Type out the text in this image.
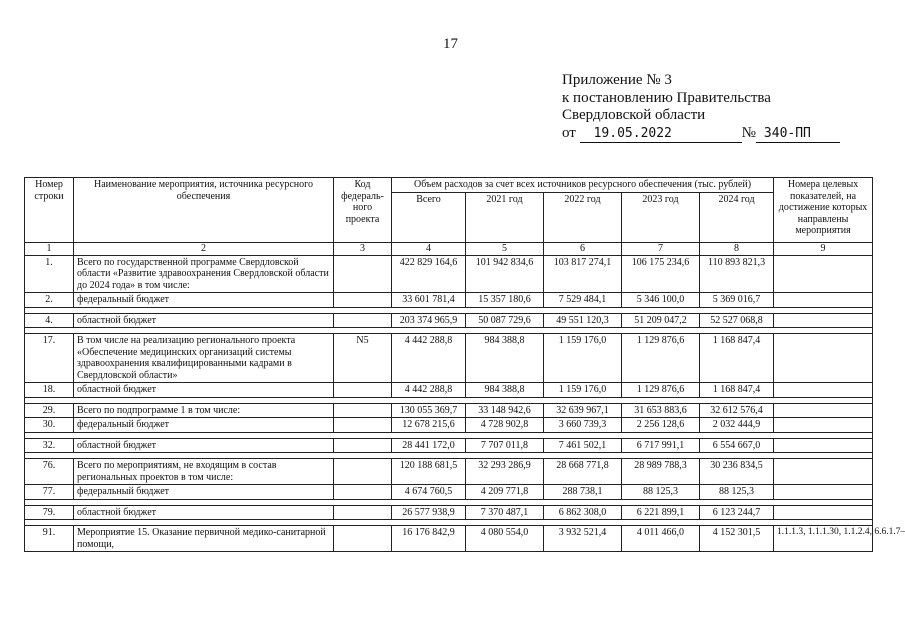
17
Приложение № 3
к постановлению Правительства
Свердловской области
от 19.05.2022	№ 340-ПП
Номер строки	Наименование мероприятия, источника ресурсного обеспечения	Код федераль-ного проекта	Объем расходов за счет всех источников ресурсного обеспечения (тыс. рублей)					Номера целевых показателей, на достижение которых направлены мероприятия
			Всего	2021 год	2022 год	2023 год	2024 год	
1	2	3	4	5	6	7	8	9
1.	Всего по государственной программе Свердловской области «Развитие здравоохранения Свердловской области до 2024 года» в том числе:		422 829 164,6	101 942 834,6	103 817 274,1	106 175 234,6	110 893 821,3	
2.	федеральный бюджет		33 601 781,4	15 357 180,6	7 529 484,1	5 346 100,0	5 369 016,7	

4.	областной бюджет		203 374 965,9	50 087 729,6	49 551 120,3	51 209 047,2	52 527 068,8	

17.	В том числе на реализацию регионального проекта «Обеспечение медицинских организаций системы здравоохранения квалифицированными кадрами в Свердловской области»	N5	4 442 288,8	984 388,8	1 159 176,0	1 129 876,6	1 168 847,4	
18.	областной бюджет		4 442 288,8	984 388,8	1 159 176,0	1 129 876,6	1 168 847,4	

29.	Всего по подпрограмме 1 в том числе:		130 055 369,7	33 148 942,6	32 639 967,1	31 653 883,6	32 612 576,4	
30.	федеральный бюджет		12 678 215,6	4 728 902,8	3 660 739,3	2 256 128,6	2 032 444,9	

32.	областной бюджет		28 441 172,0	7 707 011,8	7 461 502,1	6 717 991,1	6 554 667,0	

76.	Всего по мероприятиям, не входящим в состав региональных проектов в том числе:		120 188 681,5	32 293 286,9	28 668 771,8	28 989 788,3	30 236 834,5	
77.	федеральный бюджет		4 674 760,5	4 209 771,8	288 738,1	88 125,3	88 125,3	

79.	областной бюджет		26 577 938,9	7 370 487,1	6 862 308,0	6 221 899,1	6 123 244,7	

91.	Мероприятие 15. Оказание первичной медико-санитарной помощи,		16 176 842,9	4 080 554,0	3 932 521,4	4 011 466,0	4 152 301,5	1.1.1.3, 1.1.1.30, 1.1.2.4, 6.6.1.7–
